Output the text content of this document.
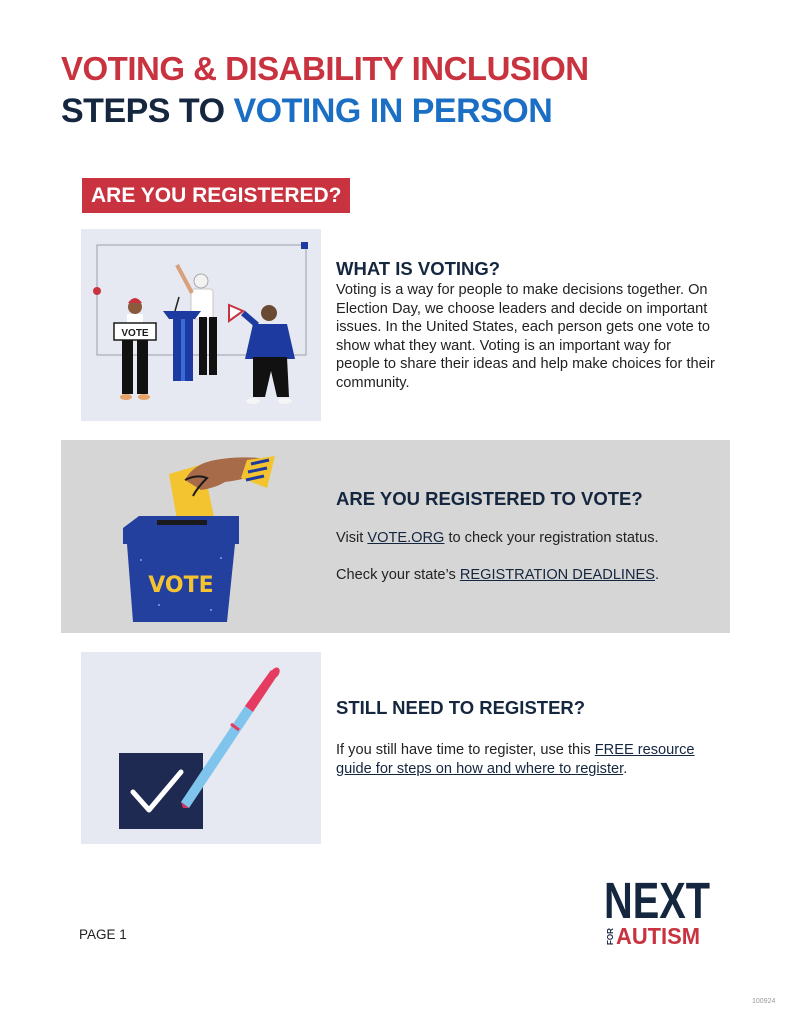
VOTING & DISABILITY INCLUSION
STEPS TO VOTING IN PERSON
ARE YOU REGISTERED?
VOTE
WHAT IS VOTING?
Voting is a way for people to make decisions together. On Election Day, we choose leaders and decide on important issues. In the United States, each person gets one vote to show what they want. Voting is an important way for people to share their ideas and help make choices for their community.
VOTE
ARE YOU REGISTERED TO VOTE?
Visit VOTE.ORG to check your registration status.
Check your state’s REGISTRATION DEADLINES.
STILL NEED TO REGISTER?
If you still have time to register, use this FREE resource guide for steps on how and where to register.
PAGE 1
NEXT
FOR AUTISM
100924
